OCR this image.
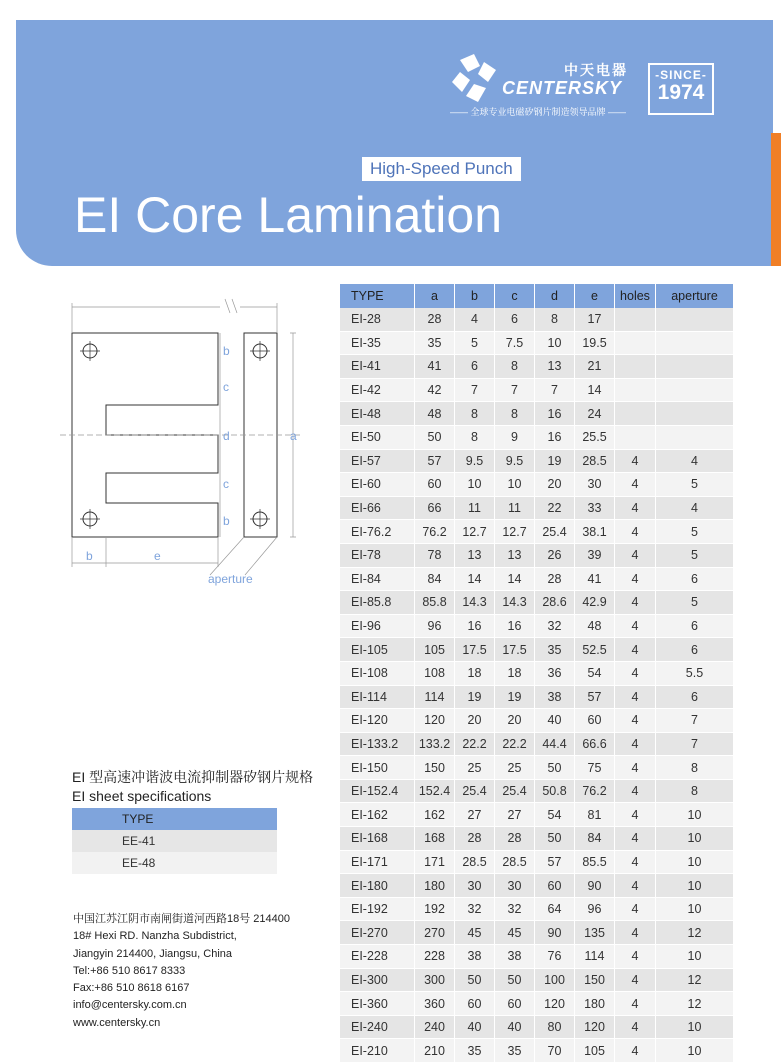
中天电器
CENTERSKY
—— 全球专业电磁矽钢片制造领导品牌 ——
-SINCE-
1974
High-Speed Punch
EI Core Lamination
b
c
d
c
b
a
b	e
aperture
EI 型高速冲谐波电流抑制器矽钢片规格
EI sheet specifications
TYPE
EE-41
EE-48
中国江苏江阴市南闸街道河西路18号 214400
18# Hexi RD. Nanzha Subdistrict,
Jiangyin 214400, Jiangsu, China
Tel:+86 510 8617 8333
Fax:+86 510 8618 6167
info@centersky.com.cn
www.centersky.cn
TYPE	a	b	c	d	e	holes	aperture
EI-28	28	4	6	8	17		
EI-35	35	5	7.5	10	19.5		
EI-41	41	6	8	13	21		
EI-42	42	7	7	7	14		
EI-48	48	8	8	16	24		
EI-50	50	8	9	16	25.5		
EI-57	57	9.5	9.5	19	28.5	4	4
EI-60	60	10	10	20	30	4	5
EI-66	66	11	11	22	33	4	4
EI-76.2	76.2	12.7	12.7	25.4	38.1	4	5
EI-78	78	13	13	26	39	4	5
EI-84	84	14	14	28	41	4	6
EI-85.8	85.8	14.3	14.3	28.6	42.9	4	5
EI-96	96	16	16	32	48	4	6
EI-105	105	17.5	17.5	35	52.5	4	6
EI-108	108	18	18	36	54	4	5.5
EI-114	114	19	19	38	57	4	6
EI-120	120	20	20	40	60	4	7
EI-133.2	133.2	22.2	22.2	44.4	66.6	4	7
EI-150	150	25	25	50	75	4	8
EI-152.4	152.4	25.4	25.4	50.8	76.2	4	8
EI-162	162	27	27	54	81	4	10
EI-168	168	28	28	50	84	4	10
EI-171	171	28.5	28.5	57	85.5	4	10
EI-180	180	30	30	60	90	4	10
EI-192	192	32	32	64	96	4	10
EI-270	270	45	45	90	135	4	12
EI-228	228	38	38	76	114	4	10
EI-300	300	50	50	100	150	4	12
EI-360	360	60	60	120	180	4	12
EI-240	240	40	40	80	120	4	10
EI-210	210	35	35	70	105	4	10
